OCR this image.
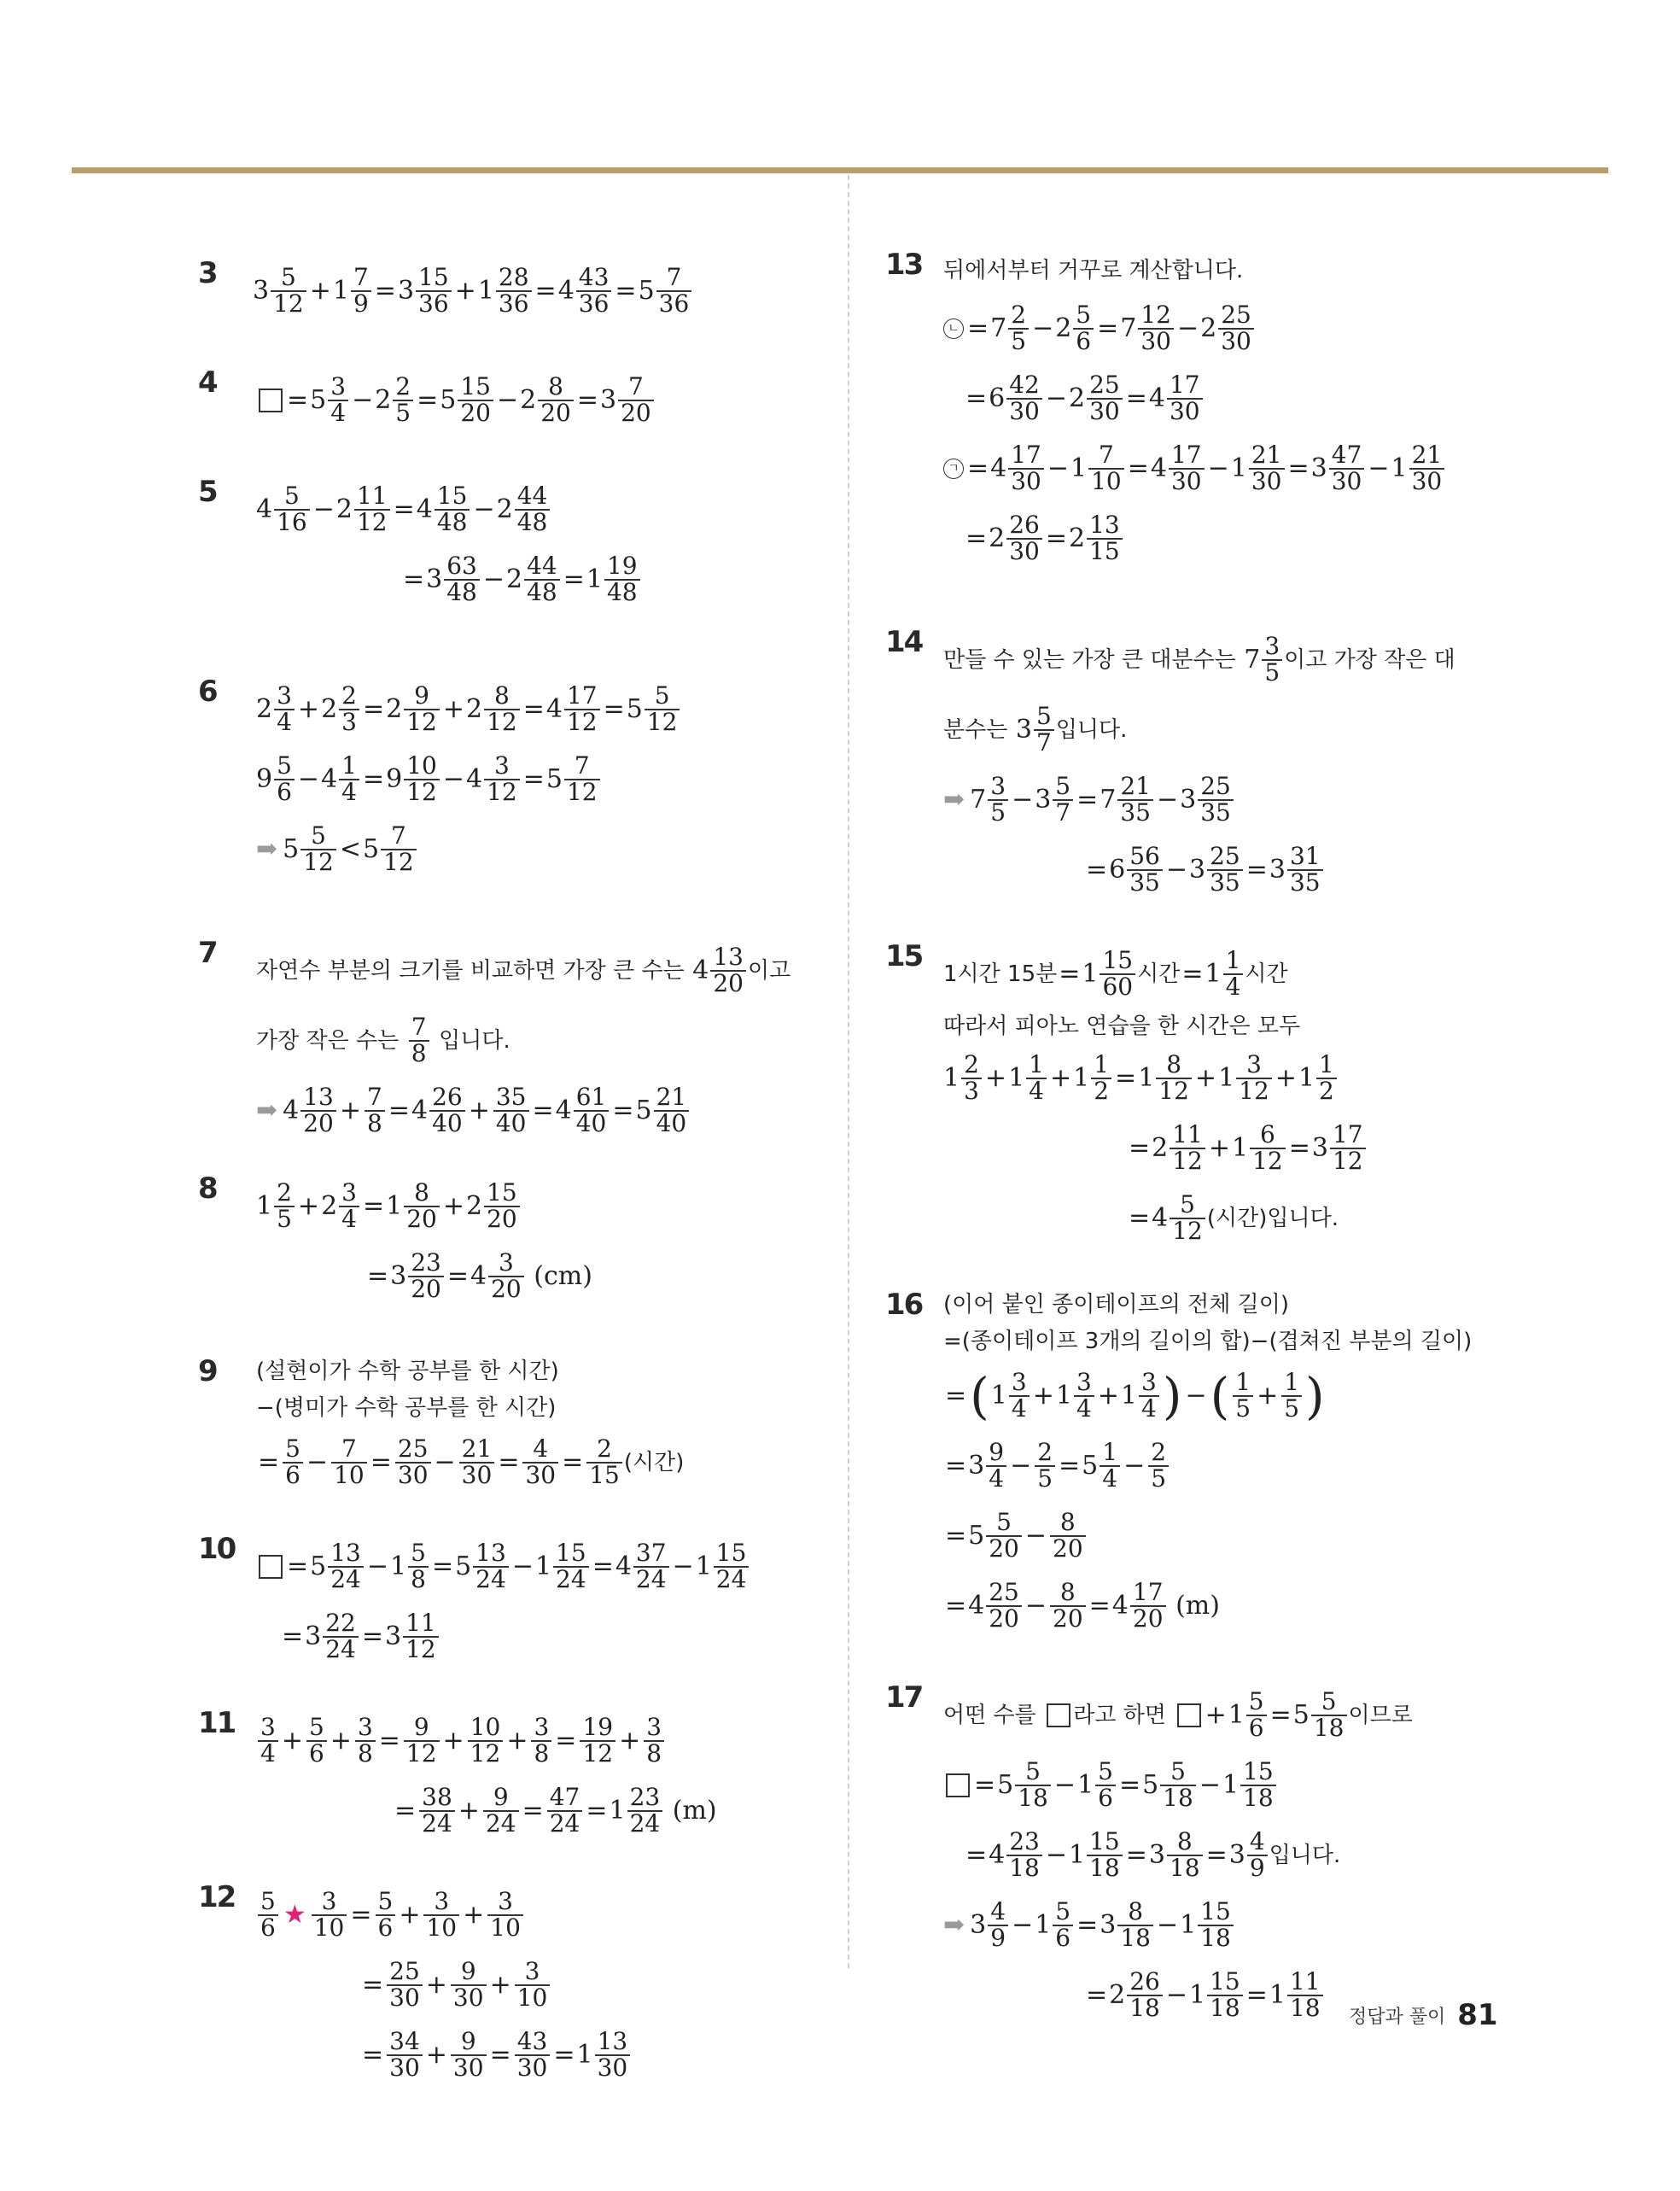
3
3 5
$12 + 1 \frac{7}{9} = 3 \frac{15}{36} + 1 \frac{28}{36} = 4 \frac{43}{36} = 5 \frac{7}{36}$
4
= $5 \frac{3}{4} - 2 \frac{2}{5} = 5 \frac{15}{20} - 2 \frac{8}{20} = 3 \frac{7}{20}$
5
4 5
$16 - 2 \frac{11}{12} = 4 \frac{15}{48} - 2 \frac{44}{48}$
= $3 \frac{63}{48} - 2 \frac{44}{48} = 1 \frac{19}{48}$
6
2 3
$4 + 2 \frac{2}{3} = 2 \frac{9}{12} + 2 \frac{8}{12} = 4 \frac{17}{12} = 5 \frac{5}{12}$
9 5
$6 - 4 \frac{1}{4} = 9 \frac{10}{12} - 4 \frac{3}{12} = 5 \frac{7}{12}$
➡ 5 5
12 < 5 7
12
7
자연수 부분의 크기를 비교하면 가장 큰 수는 4 13
20 이고
가장 작은 수는
7
8
입니다.
➡ 4 13
$20 + \frac{7}{8} = 4 \frac{26}{40} + \frac{35}{40} = 4 \frac{61}{40} = 5 \frac{21}{40}$
8
1 2
$5 + 2 \frac{3}{4} = 1 \frac{8}{20} + 2 \frac{15}{20}$
= $3 \frac{23}{20} = 4 \frac{3}{20}$
(cm)
9 (설현이가 수학 공부를 한 시간)
−(병미가 수학 공부를 한 시간)
= $\frac{5}{6} - \frac{7}{10} = \frac{25}{30} - \frac{21}{30} = \frac{4}{30} = \frac{2}{15}$ (시간)
10
= $5 \frac{13}{24} - 1 \frac{5}{8} = 5 \frac{13}{24} - 1 \frac{15}{24} = 4 \frac{37}{24} - 1 \frac{15}{24}$
= $3 \frac{22}{24} = 3 \frac{11}{12}$
11 3
$4 + \frac{5}{6} + \frac{3}{8} = \frac{9}{12} + \frac{10}{12} + \frac{3}{8} = \frac{19}{12} + \frac{3}{8}$
= $\frac{38}{24} + \frac{9}{24} = \frac{47}{24} = 1 \frac{23}{24}$
(m)
12 5
6 ★ $\frac{3}{10} = \frac{5}{6} + \frac{3}{10} + \frac{3}{10}$
= $\frac{25}{30} + \frac{9}{30} + \frac{3}{10}$
= $\frac{34}{30} + \frac{9}{30} = \frac{43}{30} = 1 \frac{13}{30}$
13 뒤에서부터 거꾸로 계산합니다.
ㄴ = $7 \frac{2}{5} - 2 \frac{5}{6} = 7 \frac{12}{30} - 2 \frac{25}{30}$
= $6 \frac{42}{30} - 2 \frac{25}{30} = 4 \frac{17}{30}$
ㄱ = $4 \frac{17}{30} - 1 \frac{7}{10} = 4 \frac{17}{30} - 1 \frac{21}{30} = 3 \frac{47}{30} - 1 \frac{21}{30}$
= $2 \frac{26}{30} = 2 \frac{13}{15}$
14
만들 수 있는 가장 큰 대분수는 7 3
5 이고 가장 작은 대
분수는 3 5
7 입니다.
➡ 7 3
$5 - 3 \frac{5}{7} = 7 \frac{21}{35} - 3 \frac{25}{35}$
= $6 \frac{56}{35} - 3 \frac{25}{35} = 3 \frac{31}{35}$
15
1시간 15분 = $1 \frac{15}{60}$ 시간 = $1 \frac{1}{4}$ 시간
따라서 피아노 연습을 한 시간은 모두
1 2
$3 + 1 \frac{1}{4} + 1 \frac{1}{2} = 1 \frac{8}{12} + 1 \frac{3}{12} + 1 \frac{1}{2}$
= $2 \frac{11}{12} + 1 \frac{6}{12} = 3 \frac{17}{12}$
= $4 \frac{5}{12}$ (시간)입니다.
16 (이어 붙인 종이테이프의 전체 길이)
=(종이테이프 3개의 길이의 합)−(겹쳐진 부분의 길이)
= ( 1 3
$4 + 1 \frac{3}{4} + 1 \frac{3}{4}$ ) − ( 1
$5 + \frac{1}{5}$ )
= $3 \frac{9}{4} - \frac{2}{5} = 5 \frac{1}{4} - \frac{2}{5}$
= $5 \frac{5}{20} - \frac{8}{20}$
= $4 \frac{25}{20} - \frac{8}{20} = 4 \frac{17}{20}$
(m)
17
어떤 수를
라고 하면
+ $1 \frac{5}{6} = 5 \frac{5}{18}$ 이므로
= $5 \frac{5}{18} - 1 \frac{5}{6} = 5 \frac{5}{18} - 1 \frac{15}{18}$
= $4 \frac{23}{18} - 1 \frac{15}{18} = 3 \frac{8}{18} = 3 \frac{4}{9}$ 입니다.
➡ 3 4
$9 - 1 \frac{5}{6} = 3 \frac{8}{18} - 1 \frac{15}{18}$
= $2 \frac{26}{18} - 1 \frac{15}{18} = 1 \frac{11}{18}$ 정답과 풀이 81
